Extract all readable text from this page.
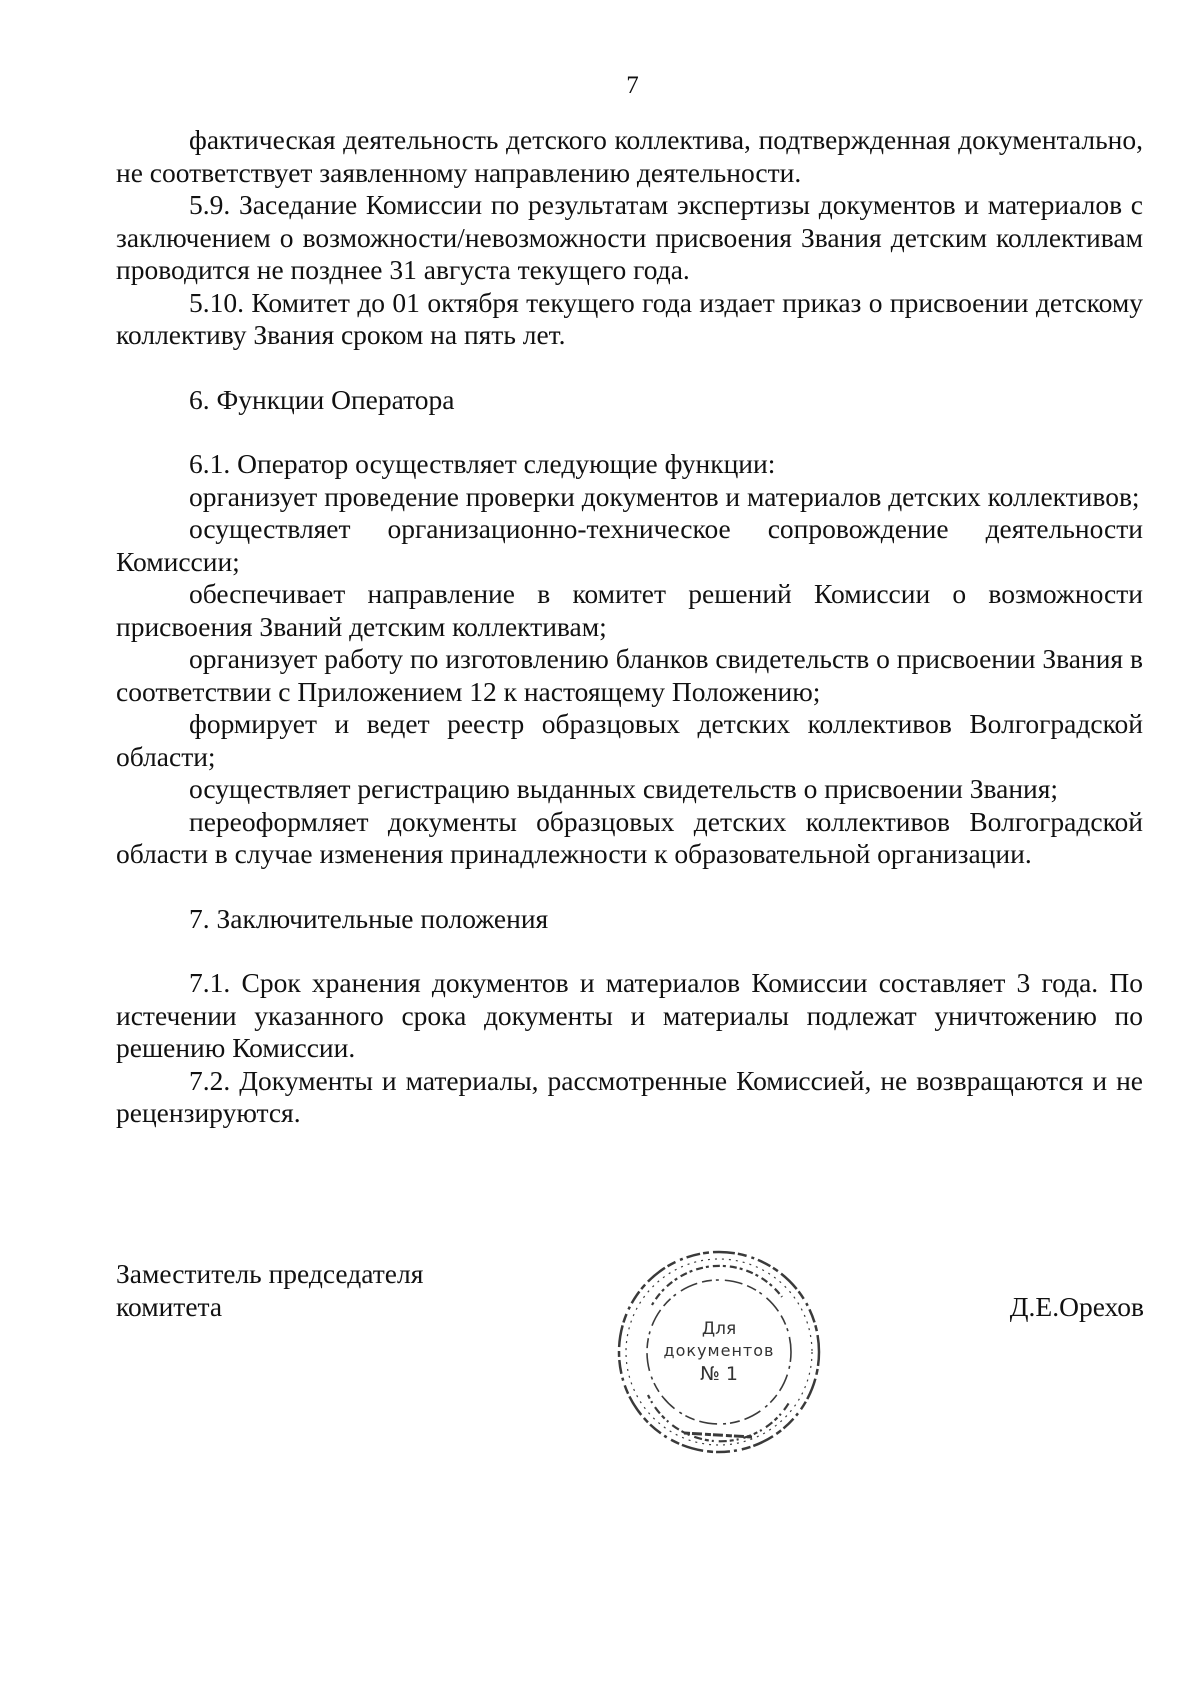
7

фактическая деятельность детского коллектива, подтвержденная документально, не соответствует заявленному направлению деятельности.

5.9. Заседание Комиссии по результатам экспертизы документов и материалов с заключением о возможности/невозможности присвоения Звания детским коллективам проводится не позднее 31 августа текущего года.

5.10. Комитет до 01 октября текущего года издает приказ о присвоении детскому коллективу Звания сроком на пять лет.

6. Функции Оператора

6.1. Оператор осуществляет следующие функции:

организует проведение проверки документов и материалов детских коллективов;

осуществляет организационно-техническое сопровождение деятельности Комиссии;

обеспечивает направление в комитет решений Комиссии о возможности присвоения Званий детским коллективам;

организует работу по изготовлению бланков свидетельств о присвоении Звания в соответствии с Приложением 12 к настоящему Положению;

формирует и ведет реестр образцовых детских коллективов Волгоградской области;

осуществляет регистрацию выданных свидетельств о присвоении Звания;

переоформляет документы образцовых детских коллективов Волгоградской области в случае изменения принадлежности к образовательной организации.

7. Заключительные положения

7.1. Срок хранения документов и материалов Комиссии составляет 3 года. По истечении указанного срока документы и материалы подлежат уничтожению по решению Комиссии.

7.2. Документы и материалы, рассмотренные Комиссией, не возвращаются и не рецензируются.

Заместитель председателя
комитета	Д.Е.Орехов
Для
документов
№ 1
